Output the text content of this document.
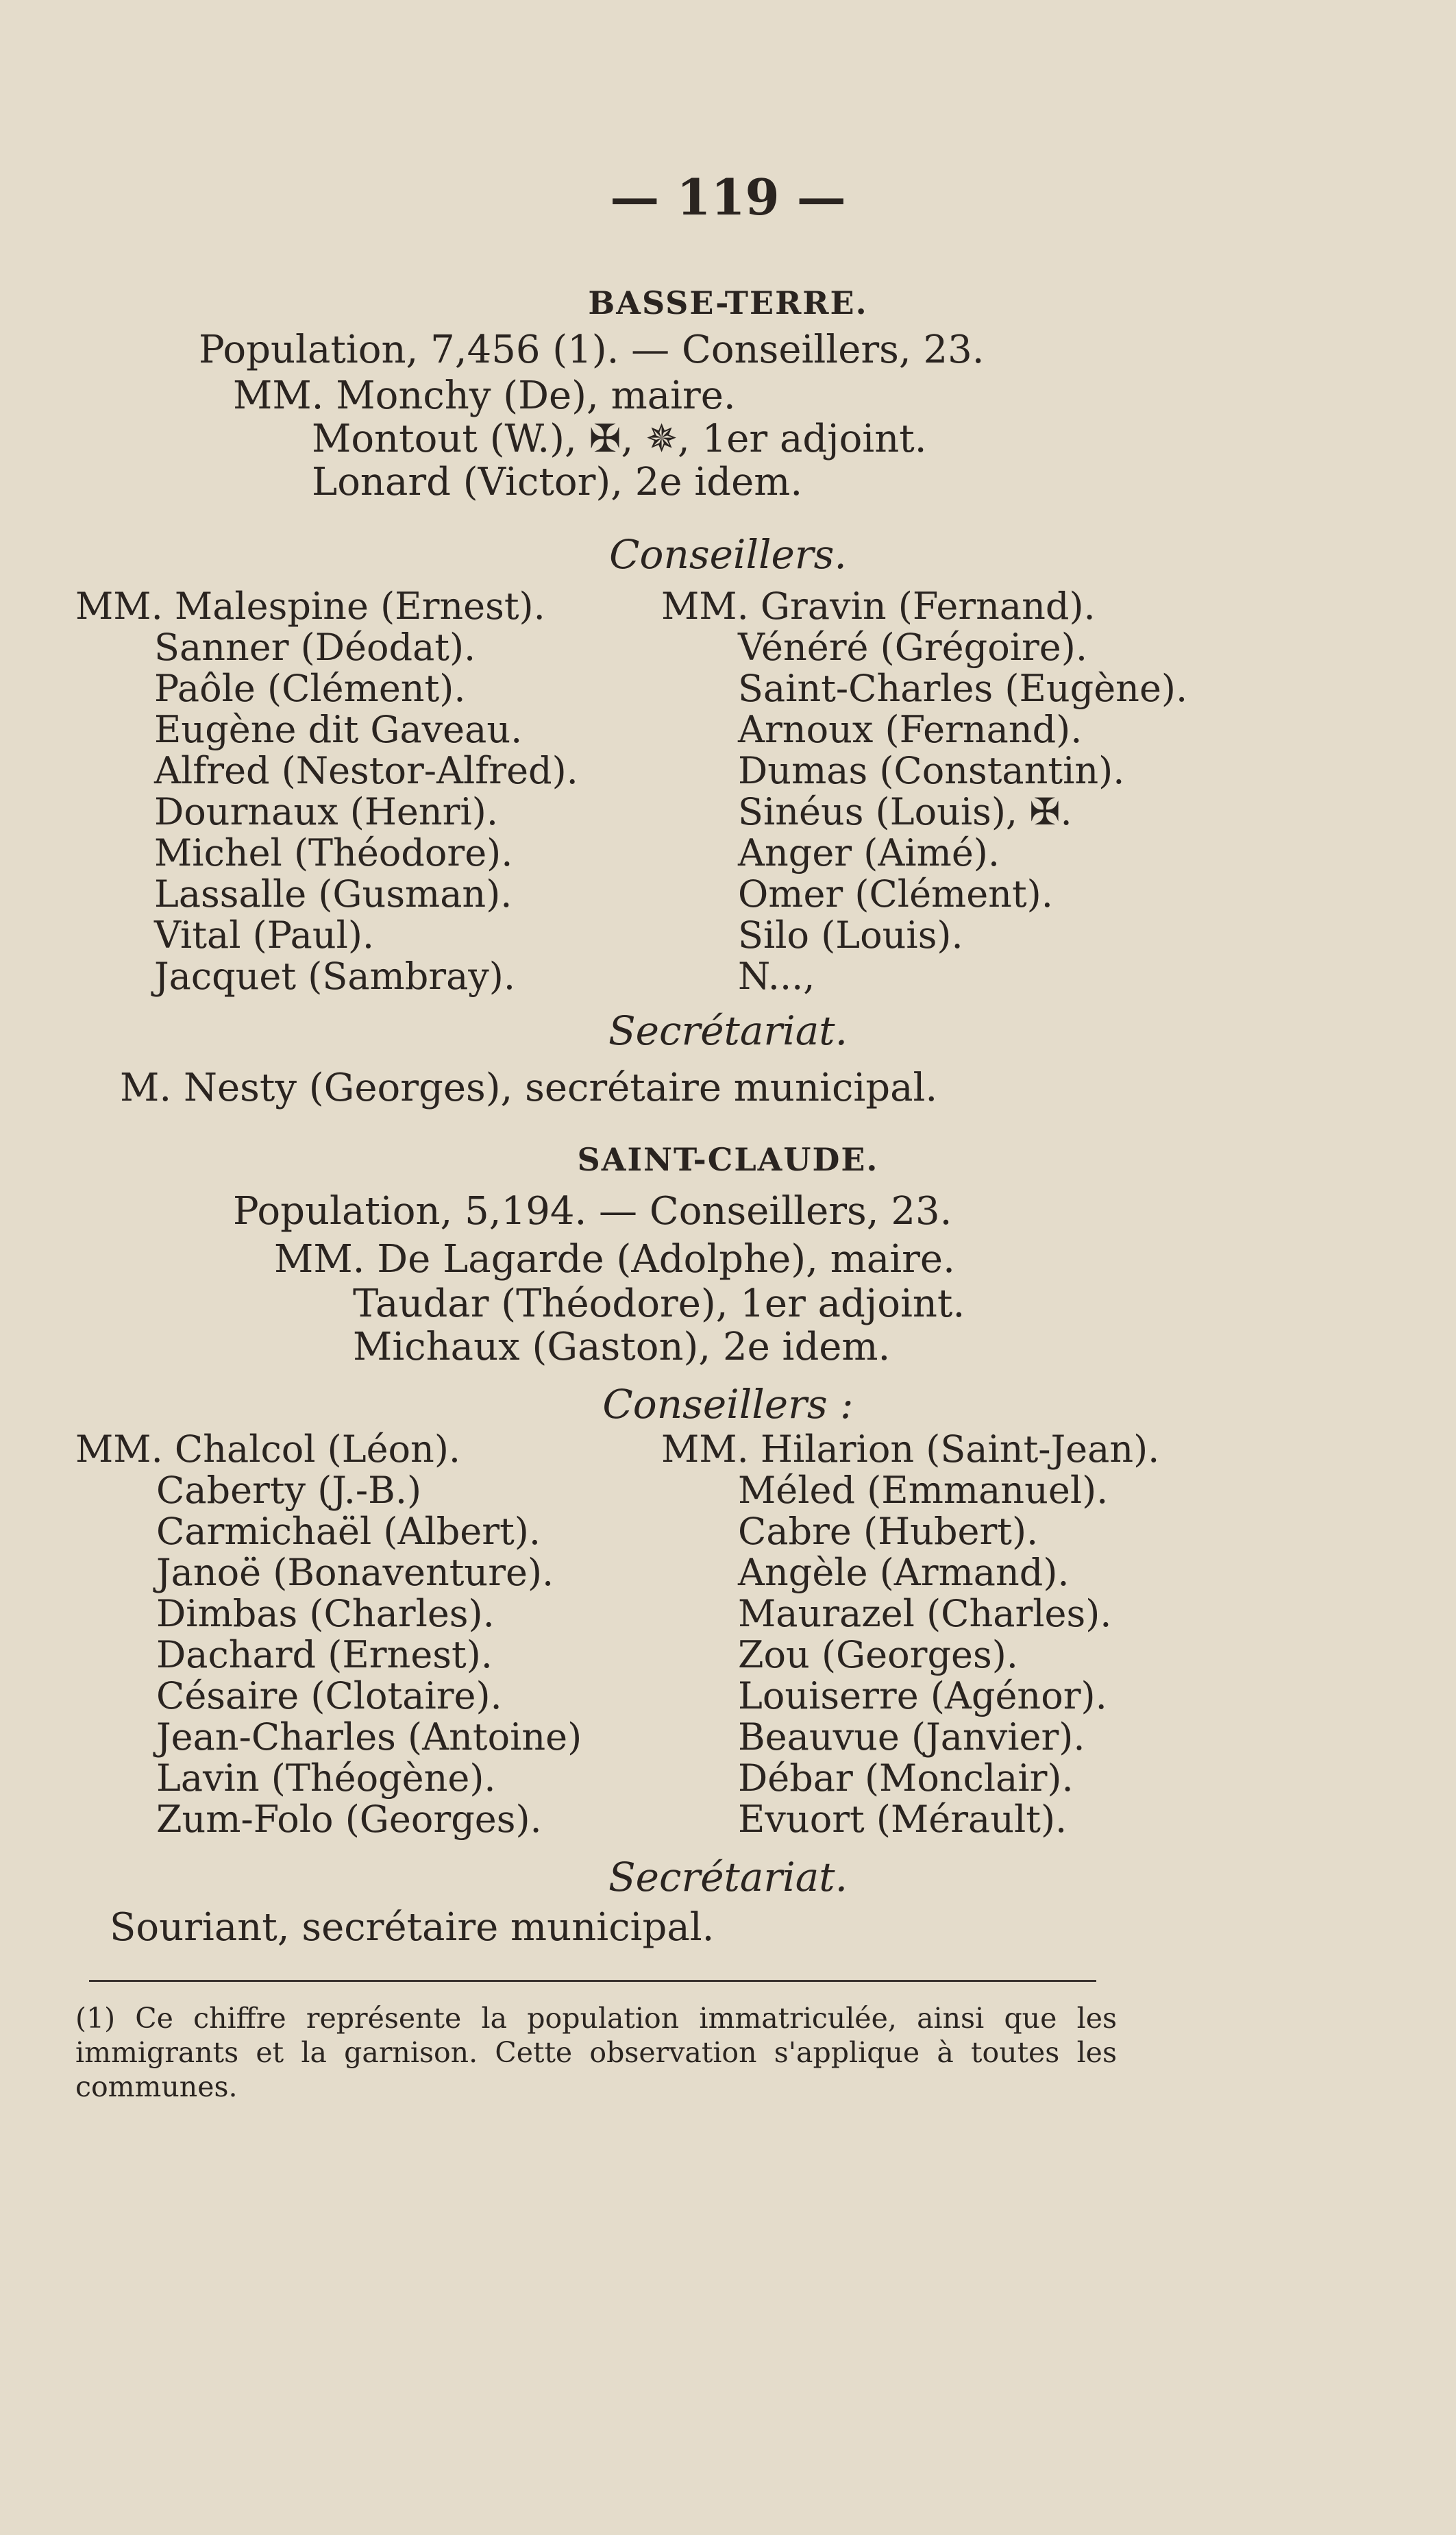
— 119 —
BASSE-TERRE.
Population, 7,456 (1). — Conseillers, 23.
MM. Monchy (De), maire.
Montout (W.), ✠, ✵, 1er adjoint.
Lonard (Victor), 2e idem.
Conseillers.
MM. Malespine (Ernest).
Sanner (Déodat).
Paôle (Clément).
Eugène dit Gaveau.
Alfred (Nestor-Alfred).
Dournaux (Henri).
Michel (Théodore).
Lassalle (Gusman).
Vital (Paul).
Jacquet (Sambray).
MM. Gravin (Fernand).
Vénéré (Grégoire).
Saint-Charles (Eugène).
Arnoux (Fernand).
Dumas (Constantin).
Sinéus (Louis), ✠.
Anger (Aimé).
Omer (Clément).
Silo (Louis).
N...,
Secrétariat.
M. Nesty (Georges), secrétaire municipal.
SAINT-CLAUDE.
Population, 5,194. — Conseillers, 23.
MM. De Lagarde (Adolphe), maire.
Taudar (Théodore), 1er adjoint.
Michaux (Gaston), 2e idem.
Conseillers :
MM. Chalcol (Léon).
Caberty (J.-B.)
Carmichaël (Albert).
Janoë (Bonaventure).
Dimbas (Charles).
Dachard (Ernest).
Césaire (Clotaire).
Jean-Charles (Antoine)
Lavin (Théogène).
Zum-Folo (Georges).
MM. Hilarion (Saint-Jean).
Méled (Emmanuel).
Cabre (Hubert).
Angèle (Armand).
Maurazel (Charles).
Zou (Georges).
Louiserre (Agénor).
Beauvue (Janvier).
Débar (Monclair).
Evuort (Mérault).
Secrétariat.
Souriant, secrétaire municipal.
(1) Ce chiffre représente la population immatriculée, ainsi que les immigrants et la garnison. Cette observation s'applique à toutes les communes.
